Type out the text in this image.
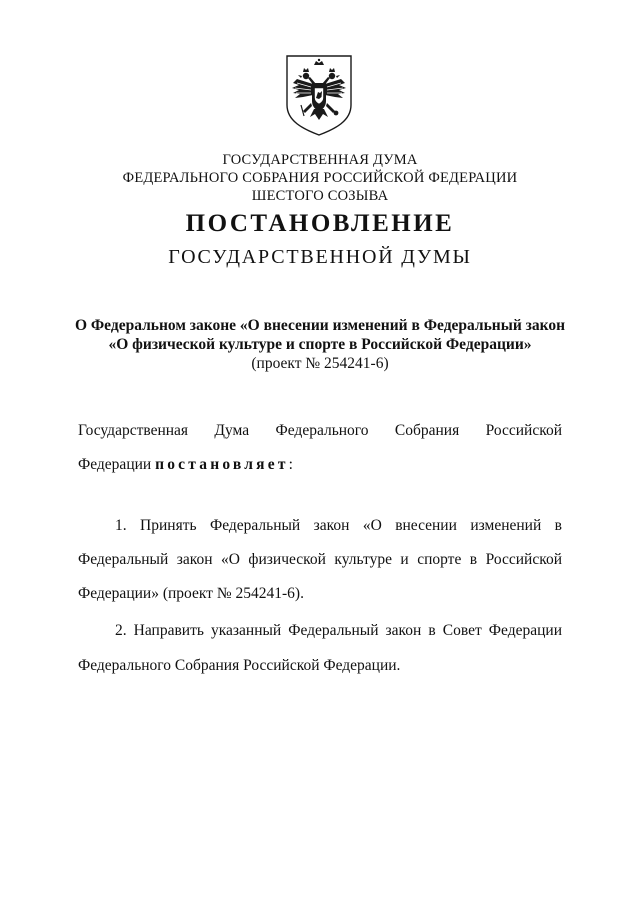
ГОСУДАРСТВЕННАЯ ДУМА
ФЕДЕРАЛЬНОГО СОБРАНИЯ РОССИЙСКОЙ ФЕДЕРАЦИИ
ШЕСТОГО СОЗЫВА
ПОСТАНОВЛЕНИЕ
ГОСУДАРСТВЕННОЙ ДУМЫ
О Федеральном законе «О внесении изменений в Федеральный закон
«О физической культуре и спорте в Российской Федерации»
(проект № 254241-6)
Государственная Дума Федерального Собрания Российской
Федерации постановляет:
1. Принять Федеральный закон «О внесении изменений в
Федеральный закон «О физической культуре и спорте в Российской
Федерации» (проект № 254241-6).
2. Направить указанный Федеральный закон в Совет Федерации
Федерального Собрания Российской Федерации.
